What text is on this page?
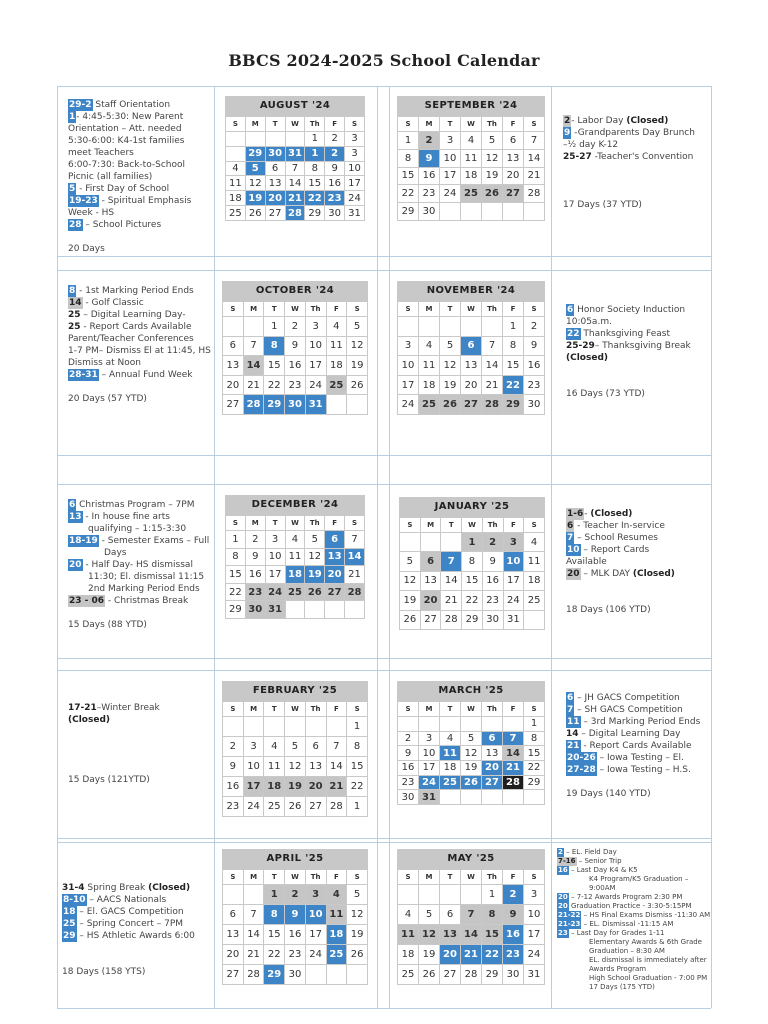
BBCS 2024-2025 School Calendar
AUGUST '24
S	M	T	W	Th	F	S
				1	2	3
	29	30	31	1	2	3
4	5	6	7	8	9	10
11	12	13	14	15	16	17
18	19	20	21	22	23	24
25	26	27	28	29	30	31
SEPTEMBER '24
S	M	T	W	Th	F	S
1	2	3	4	5	6	7
8	9	10	11	12	13	14
15	16	17	18	19	20	21
22	23	24	25	26	27	28
29	30					
OCTOBER '24
S	M	T	W	Th	F	S
		1	2	3	4	5
6	7	8	9	10	11	12
13	14	15	16	17	18	19
20	21	22	23	24	25	26
27	28	29	30	31		
NOVEMBER '24
S	M	T	W	Th	F	S
					1	2
3	4	5	6	7	8	9
10	11	12	13	14	15	16
17	18	19	20	21	22	23
24	25	26	27	28	29	30
DECEMBER '24
S	M	T	W	Th	F	S
1	2	3	4	5	6	7
8	9	10	11	12	13	14
15	16	17	18	19	20	21
22	23	24	25	26	27	28
29	30	31				
JANUARY '25
S	M	T	W	Th	F	S
			1	2	3	4
5	6	7	8	9	10	11
12	13	14	15	16	17	18
19	20	21	22	23	24	25
26	27	28	29	30	31	
FEBRUARY '25
S	M	T	W	Th	F	S
						1
2	3	4	5	6	7	8
9	10	11	12	13	14	15
16	17	18	19	20	21	22
23	24	25	26	27	28	1
MARCH '25
S	M	T	W	Th	F	S
						1
2	3	4	5	6	7	8
9	10	11	12	13	14	15
16	17	18	19	20	21	22
23	24	25	26	27	28	29
30	31					
APRIL '25
S	M	T	W	Th	F	S
		1	2	3	4	5
6	7	8	9	10	11	12
13	14	15	16	17	18	19
20	21	22	23	24	25	26
27	28	29	30			
MAY '25
S	M	T	W	Th	F	S
				1	2	3
4	5	6	7	8	9	10
11	12	13	14	15	16	17
18	19	20	21	22	23	24
25	26	27	28	29	30	31
29-2 Staff Orientation
1- 4:45-5:30: New Parent
Orientation – Att. needed
5:30-6:00: K4-1st families
meet Teachers
6:00-7:30: Back-to-School
Picnic (all families)
5 - First Day of School
19-23 - Spiritual Emphasis
Week - HS
28 – School Pictures
20 Days
2- Labor Day (Closed)
9 -Grandparents Day Brunch
–½ day K-12
25-27 -Teacher's Convention
17 Days (37 YTD)
8 - 1st Marking Period Ends
14 - Golf Classic
25 – Digital Learning Day-
25 - Report Cards Available
Parent/Teacher Conferences
1-7 PM– Dismiss El at 11:45, HS
Dismiss at Noon
28-31 – Annual Fund Week
20 Days (57 YTD)
6 Honor Society Induction
10:05a.m.
22 Thanksgiving Feast
25-29– Thanksgiving Break
(Closed)
16 Days (73 YTD)
6 Christmas Program – 7PM
13 - In house fine arts
qualifying – 1:15-3:30
18-19 - Semester Exams – Full
Days
20 - Half Day- HS dismissal
11:30; El. dismissal 11:15
2nd Marking Period Ends
23 - 06 - Christmas Break
15 Days (88 YTD)
1-6- (Closed)
6 - Teacher In-service
7 – School Resumes
10 – Report Cards
Available
20 – MLK DAY (Closed)
18 Days (106 YTD)
17-21–Winter Break
(Closed)
15 Days (121YTD)
6 – JH GACS Competition
7 – SH GACS Competition
11 – 3rd Marking Period Ends
14 – Digital Learning Day
21 - Report Cards Available
20-26 – Iowa Testing – El.
27-28 – Iowa Testing – H.S.
19 Days (140 YTD)
31-4 Spring Break (Closed)
8-10 – AACS Nationals
18 – El. GACS Competition
25 – Spring Concert – 7PM
29 – HS Athletic Awards 6:00
18 Days (158 YTS)
2 – EL. Field Day
7-16 – Senior Trip
16 – Last Day K4 & K5
K4 Program/K5 Graduation –
9:00AM
20 – 7-12 Awards Program 2:30 PM
20 Graduation Practice - 3:30-5:15PM
21-22 – HS Final Exams Dismiss -11:30 AM
21-23 – EL. Dismissal -11:15 AM
23 – Last Day for Grades 1-11
Elementary Awards & 6th Grade
Graduation – 8:30 AM
EL. dismissal is immediately after
Awards Program
High School Graduation - 7:00 PM
17 Days (175 YTD)
